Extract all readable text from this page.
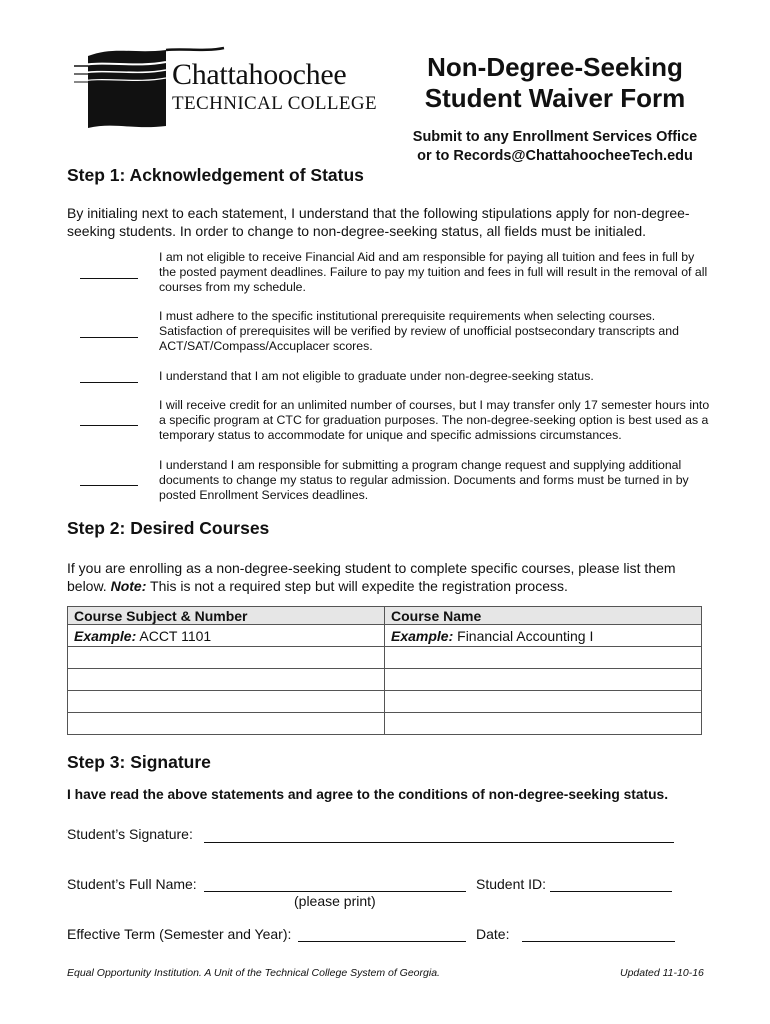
Chattahoochee
TECHNICAL COLLEGE
Non-Degree-Seeking
Student Waiver Form
Submit to any Enrollment Services Office
or to Records@ChattahoocheeTech.edu
Step 1: Acknowledgement of Status
By initialing next to each statement, I understand that the following stipulations apply for non-degree-seeking students. In order to change to non-degree-seeking status, all fields must be initialed.
I am not eligible to receive Financial Aid and am responsible for paying all tuition and fees in full by the posted payment deadlines. Failure to pay my tuition and fees in full will result in the removal of all courses from my schedule.
I must adhere to the specific institutional prerequisite requirements when selecting courses. Satisfaction of prerequisites will be verified by review of unofficial postsecondary transcripts and ACT/SAT/Compass/Accuplacer scores.
I understand that I am not eligible to graduate under non-degree-seeking status.
I will receive credit for an unlimited number of courses, but I may transfer only 17 semester hours into a specific program at CTC for graduation purposes. The non-degree-seeking option is best used as a temporary status to accommodate for unique and specific admissions circumstances.
I understand I am responsible for submitting a program change request and supplying additional documents to change my status to regular admission. Documents and forms must be turned in by posted Enrollment Services deadlines.
Step 2: Desired Courses
If you are enrolling as a non-degree-seeking student to complete specific courses, please list them below. Note: This is not a required step but will expedite the registration process.
Course Subject & Number	Course Name
Example: ACCT 1101	Example: Financial Accounting I

Step 3: Signature
I have read the above statements and agree to the conditions of non-degree-seeking status.
Student’s Signature:
Student’s Full Name:
(please print)
Student ID:
Effective Term (Semester and Year):	Date:
Equal Opportunity Institution. A Unit of the Technical College System of Georgia.	Updated 11-10-16
